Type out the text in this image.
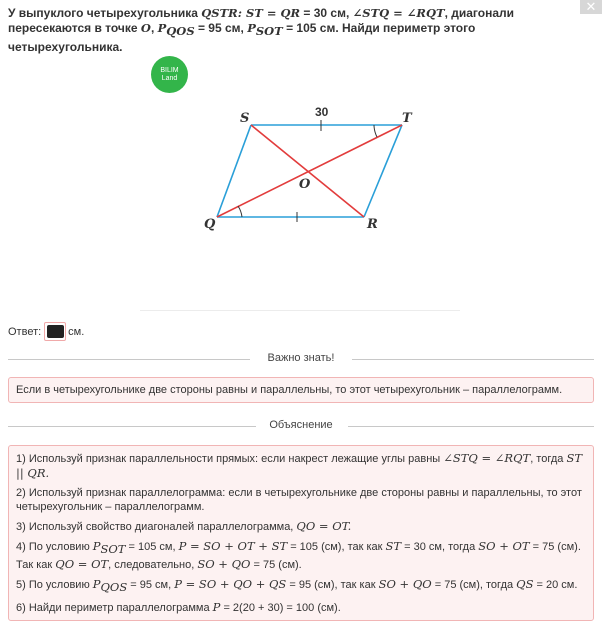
У выпуклого четырехугольника QSTR: ST = QR = 30 см, ∠STQ = ∠RQT, диагонали пересекаются в точке O, $P_{QOS} = 95$ см, $P_{SOT} = 105$ см. Найди периметр этого четырехугольника.
✕
BILIM
Land
S	T
Q	R
O
30
Ответ: см.
Важно знать!
Если в четырехугольнике две стороны равны и параллельны, то этот четырехугольник – параллелограмм.
Объяснение

1) Используй признак параллельности прямых: если накрест лежащие углы равны ∠STQ = ∠RQT, тогда ST || QR.

2) Используй признак параллелограмма: если в четырехугольнике две стороны равны и параллельны, то этот четырехугольник – параллелограмм.

3) Используй свойство диагоналей параллелограмма, QO = OT.

4) По условию $P_{SOT} = 105$ см, P = SO + OT + ST = 105 (см), так как ST = 30 см, тогда SO + OT = 75 (см). Так как QO = OT, следовательно, SO + QO = 75 (см).

5) По условию $P_{QOS} = 95$ см, P = SO + QO + QS = 95 (см), так как SO + QO = 75 (см), тогда QS = 20 см.

6) Найди периметр параллелограмма P = 2(20 + 30) = 100 (см).
